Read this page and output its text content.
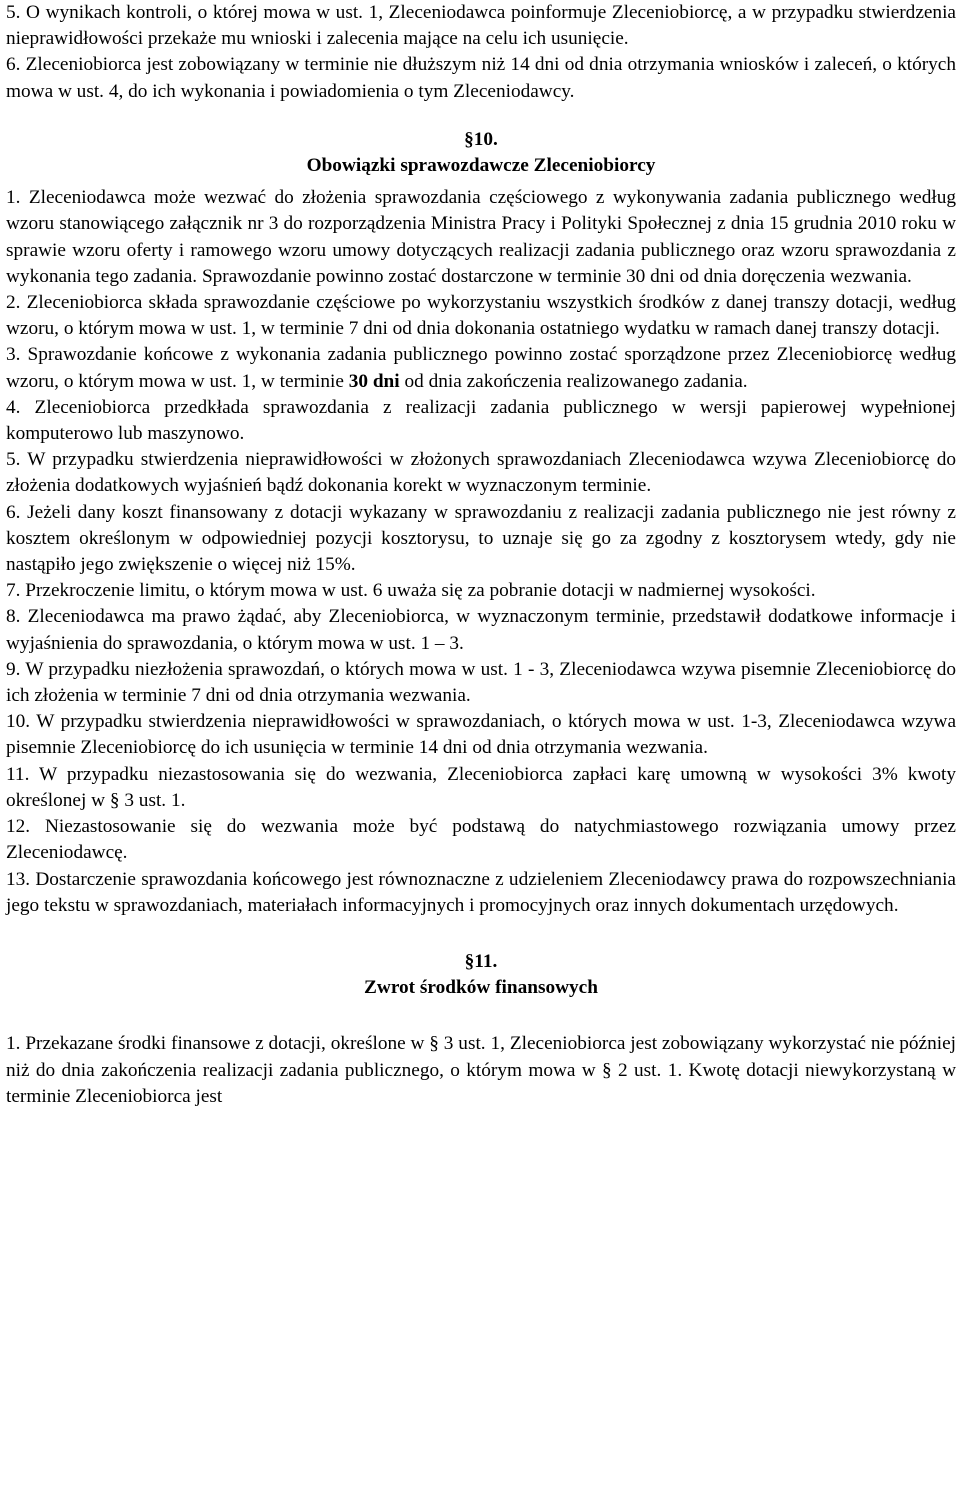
5. O wynikach kontroli, o której mowa w ust. 1, Zleceniodawca poinformuje Zleceniobiorcę, a w przypadku stwierdzenia nieprawidłowości przekaże mu wnioski i zalecenia mające na celu ich usunięcie.

6. Zleceniobiorca jest zobowiązany w terminie nie dłuższym niż 14 dni od dnia otrzymania wniosków i zaleceń, o których mowa w ust. 4, do ich wykonania i powiadomienia o tym Zleceniodawcy.

§10.

Obowiązki sprawozdawcze Zleceniobiorcy

1. Zleceniodawca może wezwać do złożenia sprawozdania częściowego z wykonywania zadania publicznego według wzoru stanowiącego załącznik nr 3 do rozporządzenia Ministra Pracy i Polityki Społecznej z dnia 15 grudnia 2010 roku w sprawie wzoru oferty i ramowego wzoru umowy dotyczących realizacji zadania publicznego oraz wzoru sprawozdania z wykonania tego zadania. Sprawozdanie powinno zostać dostarczone w terminie 30 dni od dnia doręczenia wezwania.

2. Zleceniobiorca składa sprawozdanie częściowe po wykorzystaniu wszystkich środków z danej transzy dotacji, według wzoru, o którym mowa w ust. 1, w terminie 7 dni od dnia dokonania ostatniego wydatku w ramach danej transzy dotacji.

3. Sprawozdanie końcowe z wykonania zadania publicznego powinno zostać sporządzone przez Zleceniobiorcę według wzoru, o którym mowa w ust. 1, w terminie 30 dni od dnia zakończenia realizowanego zadania.

4. Zleceniobiorca przedkłada sprawozdania z realizacji zadania publicznego w wersji papierowej wypełnionej komputerowo lub maszynowo.

5. W przypadku stwierdzenia nieprawidłowości w złożonych sprawozdaniach Zleceniodawca wzywa Zleceniobiorcę do złożenia dodatkowych wyjaśnień bądź dokonania korekt w wyznaczonym terminie.

6. Jeżeli dany koszt finansowany z dotacji wykazany w sprawozdaniu z realizacji zadania publicznego nie jest równy z kosztem określonym w odpowiedniej pozycji kosztorysu, to uznaje się go za zgodny z kosztorysem wtedy, gdy nie nastąpiło jego zwiększenie o więcej niż 15%.

7. Przekroczenie limitu, o którym mowa w ust. 6 uważa się za pobranie dotacji w nadmiernej wysokości.

8. Zleceniodawca ma prawo żądać, aby Zleceniobiorca, w wyznaczonym terminie, przedstawił dodatkowe informacje i wyjaśnienia do sprawozdania, o którym mowa w ust. 1 – 3.

9. W przypadku niezłożenia sprawozdań, o których mowa w ust. 1 - 3, Zleceniodawca wzywa pisemnie Zleceniobiorcę do ich złożenia w terminie 7 dni od dnia otrzymania wezwania.

10. W przypadku stwierdzenia nieprawidłowości w sprawozdaniach, o których mowa w ust. 1-3, Zleceniodawca wzywa pisemnie Zleceniobiorcę do ich usunięcia w terminie 14 dni od dnia otrzymania wezwania.

11. W przypadku niezastosowania się do wezwania, Zleceniobiorca zapłaci karę umowną w wysokości 3% kwoty określonej w § 3 ust. 1.

12. Niezastosowanie się do wezwania może być podstawą do natychmiastowego rozwiązania umowy przez Zleceniodawcę.

13. Dostarczenie sprawozdania końcowego jest równoznaczne z udzieleniem Zleceniodawcy prawa do rozpowszechniania jego tekstu w sprawozdaniach, materiałach informacyjnych i promocyjnych oraz innych dokumentach urzędowych.

§11.

Zwrot środków finansowych

1. Przekazane środki finansowe z dotacji, określone w § 3 ust. 1, Zleceniobiorca jest zobowiązany wykorzystać nie później niż do dnia zakończenia realizacji zadania publicznego, o którym mowa w § 2 ust. 1. Kwotę dotacji niewykorzystaną w terminie Zleceniobiorca jest
